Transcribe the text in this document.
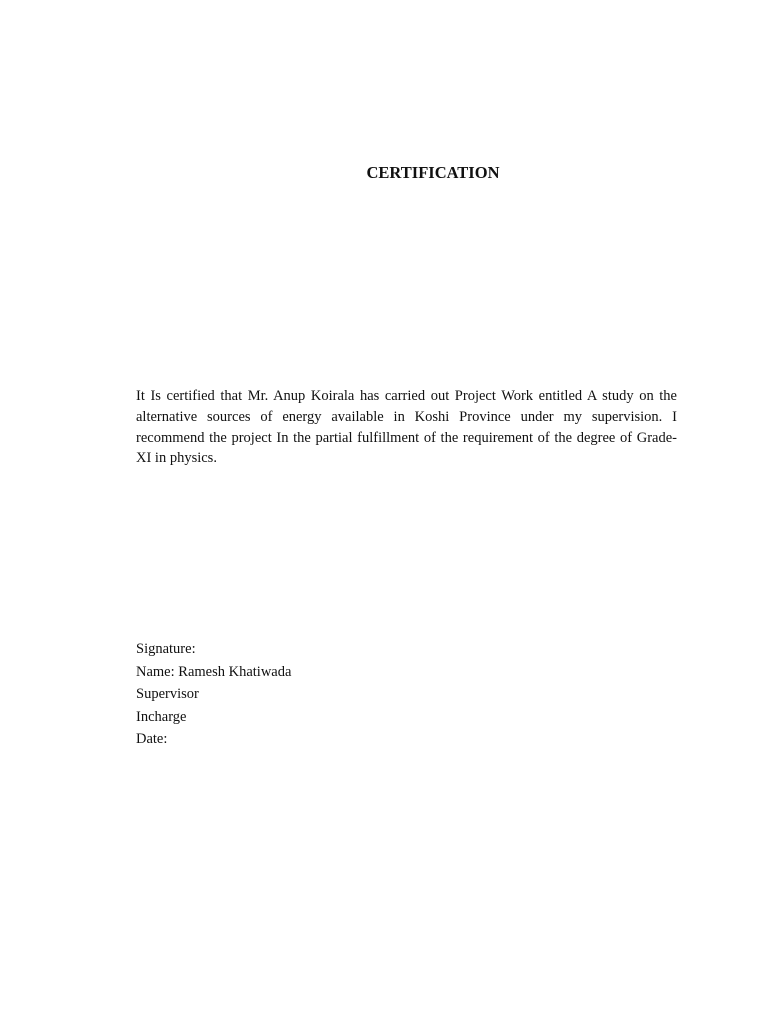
CERTIFICATION

It Is certified that Mr. Anup Koirala has carried out Project Work entitled A study on the alternative sources of energy available in Koshi Province under my supervision. I recommend the project In the partial fulfillment of the requirement of the degree of Grade-XI in physics.

Signature:
Name: Ramesh Khatiwada
Supervisor
Incharge
Date:
